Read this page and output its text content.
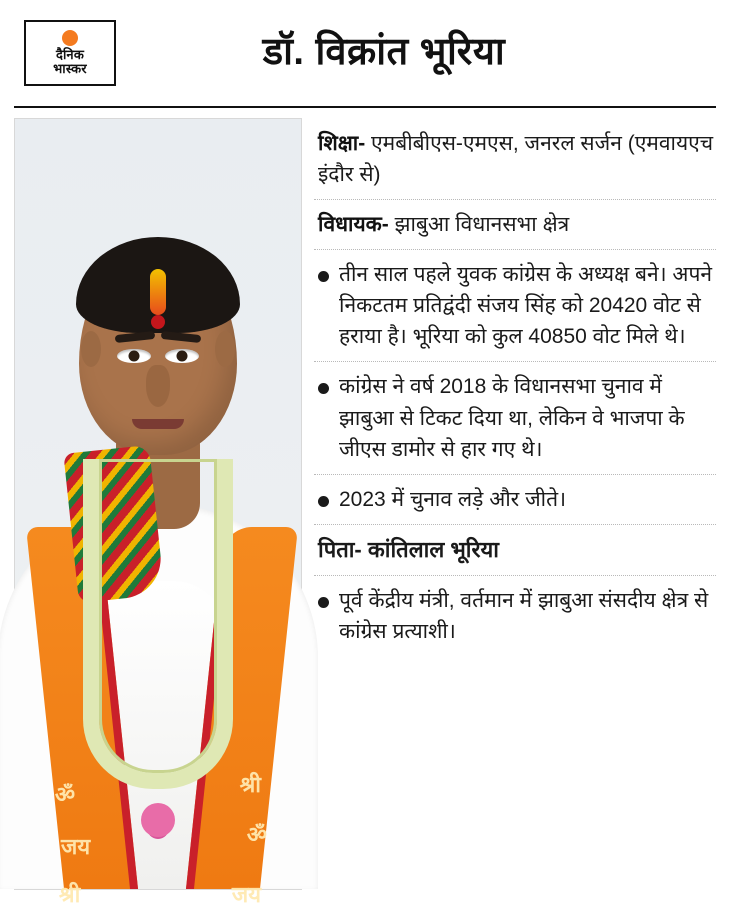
दैनिक
भास्कर	डॉ. विक्रांत भूरिया
ॐ
जय
श्री
ॐ
जय
श्री
शिक्षा- एमबीबीएस-एमएस, जनरल सर्जन (एमवायएच इंदौर से)
विधायक- झाबुआ विधानसभा क्षेत्र
तीन साल पहले युवक कांग्रेस के अध्यक्ष बने। अपने निकटतम प्रतिद्वंदी संजय सिंह को 20420 वोट से हराया है। भूरिया को कुल 40850 वोट मिले थे।
कांग्रेस ने वर्ष 2018 के विधानसभा चुनाव में झाबुआ से टिकट दिया था, लेकिन वे भाजपा के जीएस डामोर से हार गए थे।
2023 में चुनाव लड़े और जीते।
पिता- कांतिलाल भूरिया
पूर्व केंद्रीय मंत्री, वर्तमान में झाबुआ संसदीय क्षेत्र से कांग्रेस प्रत्याशी।
